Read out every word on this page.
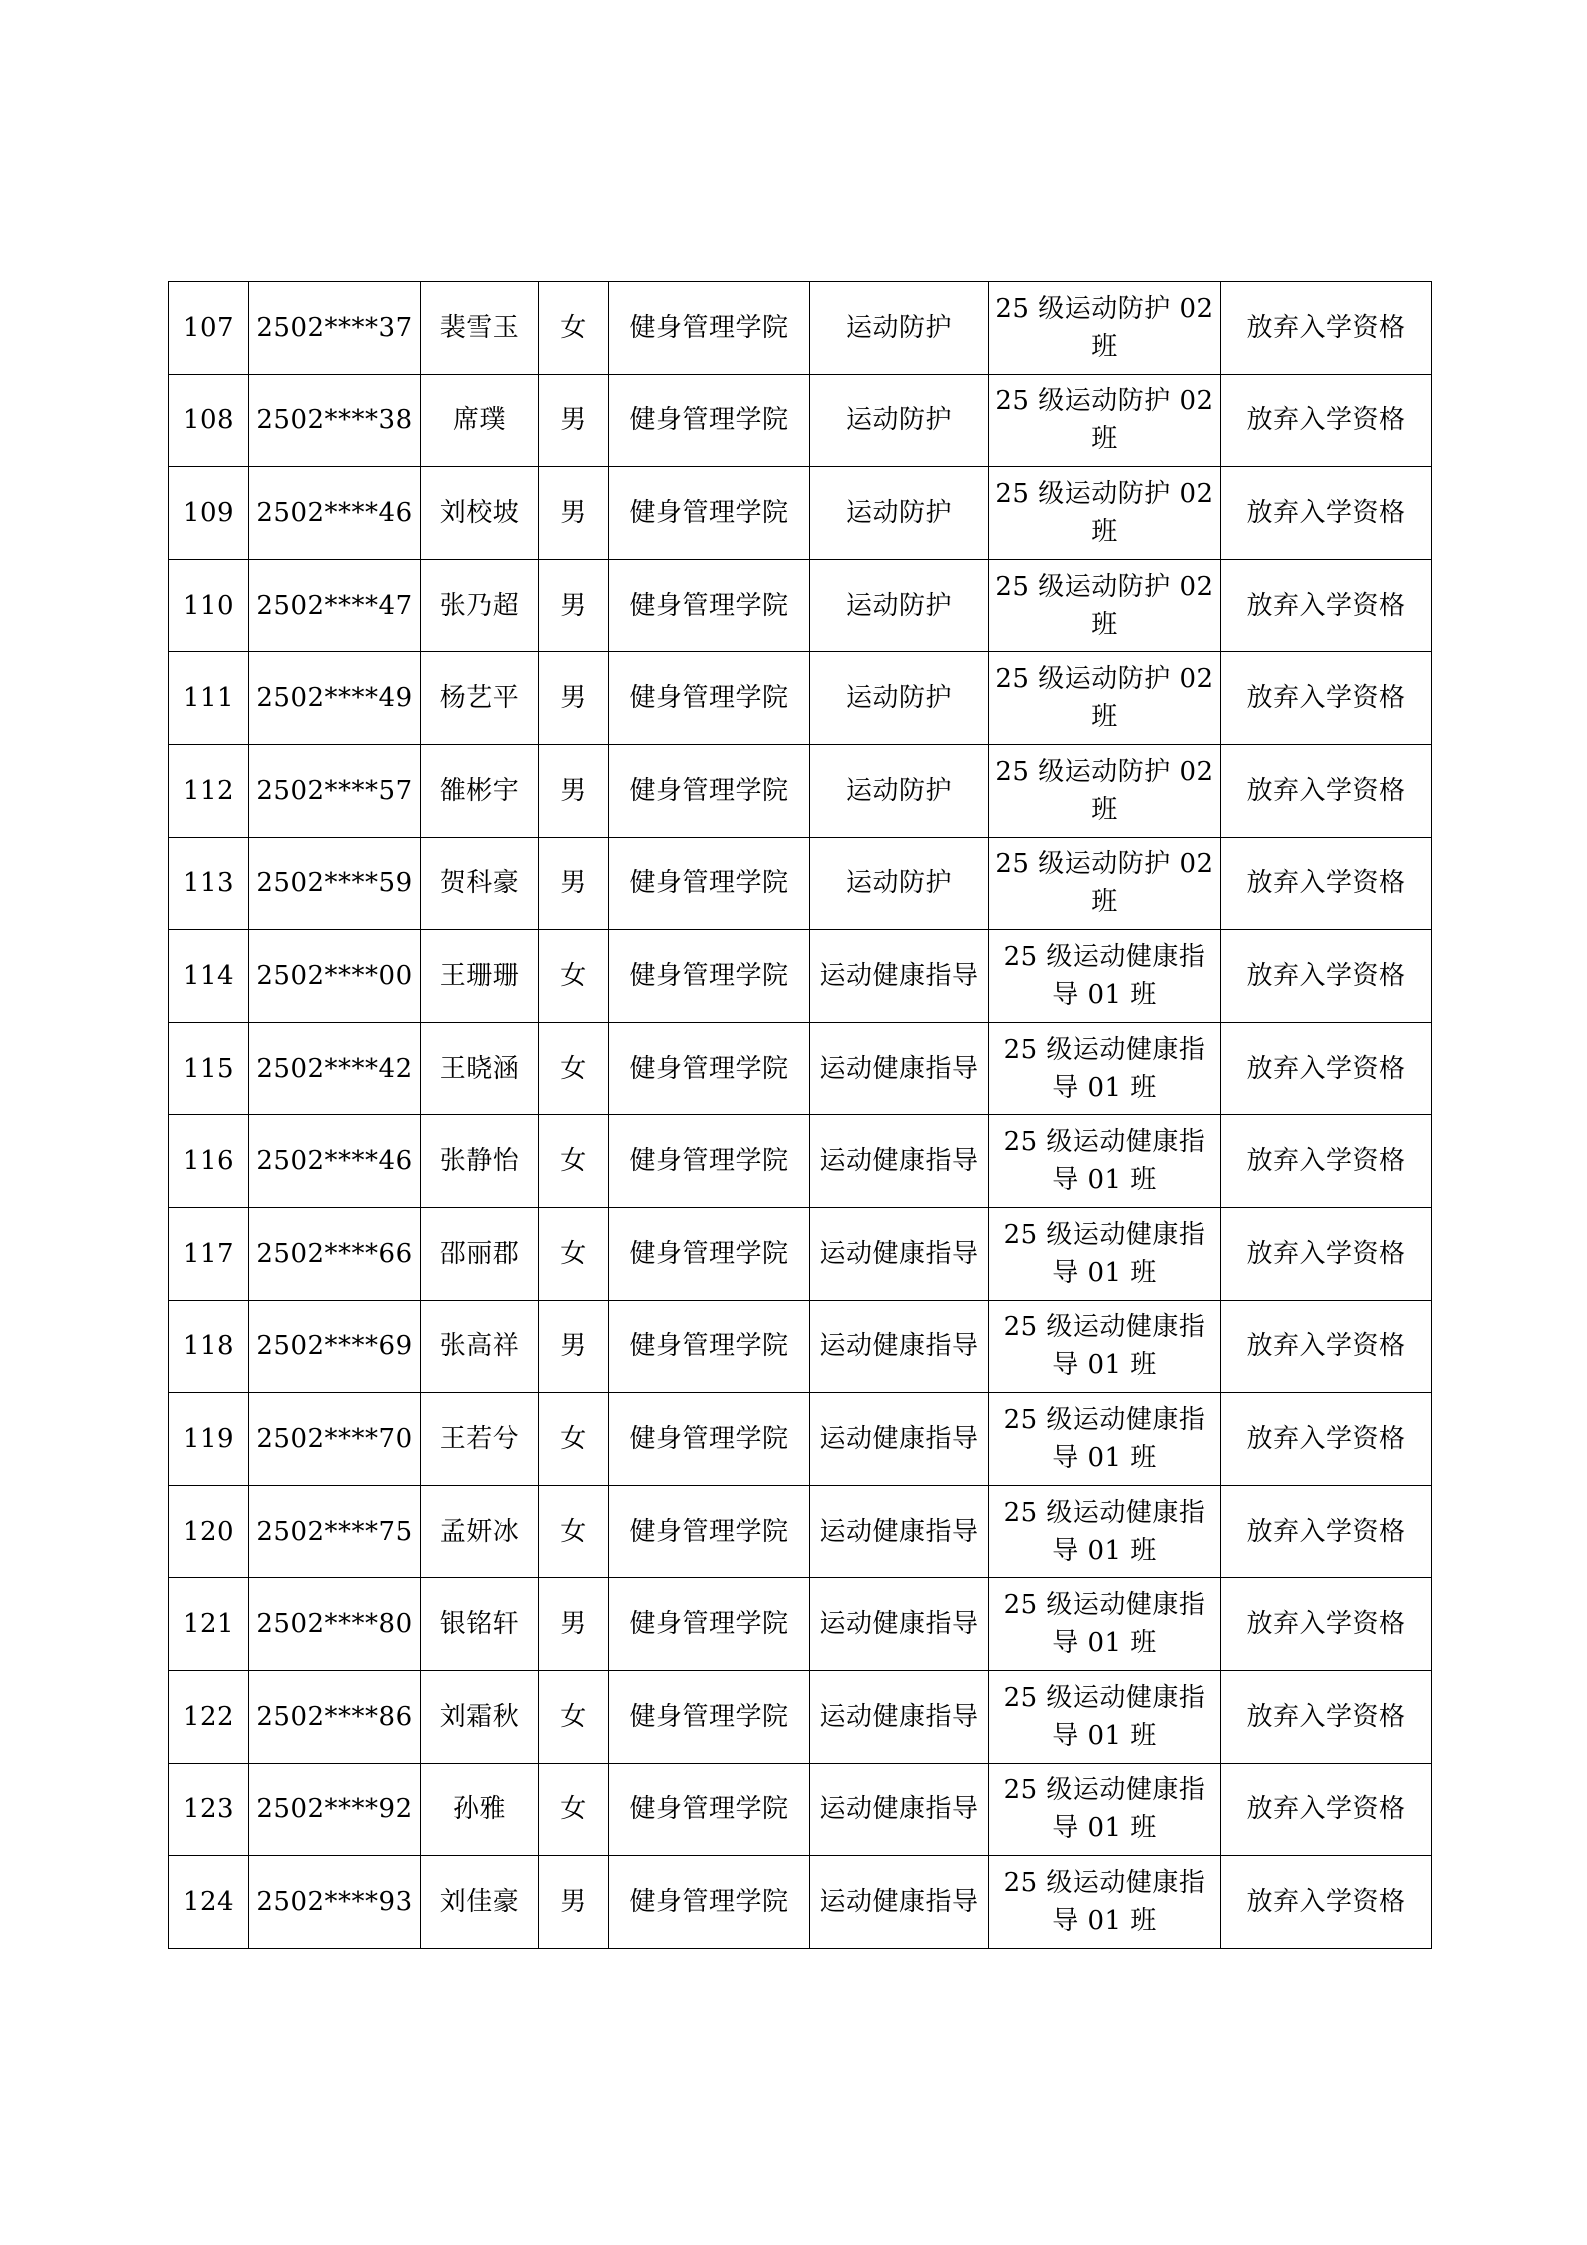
107	2502****37	裴雪玉	女	健身管理学院	运动防护	25 级运动防护 02 班	放弃入学资格
108	2502****38	席璞	男	健身管理学院	运动防护	25 级运动防护 02 班	放弃入学资格
109	2502****46	刘校坡	男	健身管理学院	运动防护	25 级运动防护 02 班	放弃入学资格
110	2502****47	张乃超	男	健身管理学院	运动防护	25 级运动防护 02 班	放弃入学资格
111	2502****49	杨艺平	男	健身管理学院	运动防护	25 级运动防护 02 班	放弃入学资格
112	2502****57	雒彬宇	男	健身管理学院	运动防护	25 级运动防护 02 班	放弃入学资格
113	2502****59	贺科豪	男	健身管理学院	运动防护	25 级运动防护 02 班	放弃入学资格
114	2502****00	王珊珊	女	健身管理学院	运动健康指导	25 级运动健康指导 01 班	放弃入学资格
115	2502****42	王晓涵	女	健身管理学院	运动健康指导	25 级运动健康指导 01 班	放弃入学资格
116	2502****46	张静怡	女	健身管理学院	运动健康指导	25 级运动健康指导 01 班	放弃入学资格
117	2502****66	邵丽郡	女	健身管理学院	运动健康指导	25 级运动健康指导 01 班	放弃入学资格
118	2502****69	张高祥	男	健身管理学院	运动健康指导	25 级运动健康指导 01 班	放弃入学资格
119	2502****70	王若兮	女	健身管理学院	运动健康指导	25 级运动健康指导 01 班	放弃入学资格
120	2502****75	孟妍冰	女	健身管理学院	运动健康指导	25 级运动健康指导 01 班	放弃入学资格
121	2502****80	银铭轩	男	健身管理学院	运动健康指导	25 级运动健康指导 01 班	放弃入学资格
122	2502****86	刘霜秋	女	健身管理学院	运动健康指导	25 级运动健康指导 01 班	放弃入学资格
123	2502****92	孙雅	女	健身管理学院	运动健康指导	25 级运动健康指导 01 班	放弃入学资格
124	2502****93	刘佳豪	男	健身管理学院	运动健康指导	25 级运动健康指导 01 班	放弃入学资格
